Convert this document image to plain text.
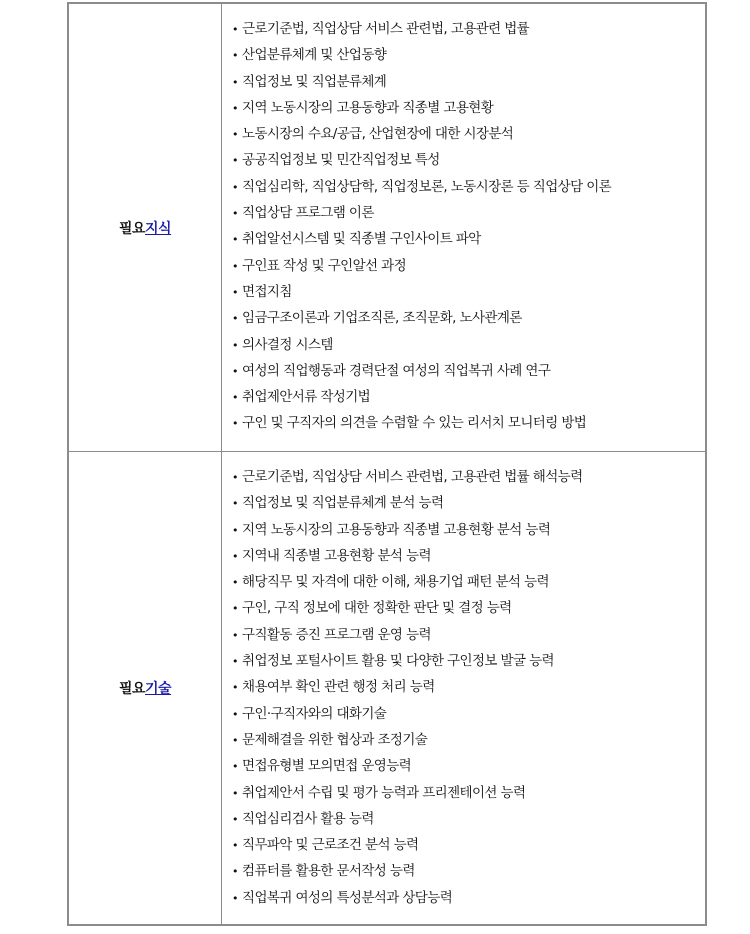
필요지식
• 근로기준법, 직업상담 서비스 관련법, 고용관련 법률
• 산업분류체계 및 산업동향
• 직업정보 및 직업분류체계
• 지역 노동시장의 고용동향과 직종별 고용현황
• 노동시장의 수요/공급, 산업현장에 대한 시장분석
• 공공직업정보 및 민간직업정보 특성
• 직업심리학, 직업상담학, 직업정보론, 노동시장론 등 직업상담 이론
• 직업상담 프로그램 이론
• 취업알선시스템 및 직종별 구인사이트 파악
• 구인표 작성 및 구인알선 과정
• 면접지침
• 임금구조이론과 기업조직론, 조직문화, 노사관계론
• 의사결정 시스템
• 여성의 직업행동과 경력단절 여성의 직업복귀 사례 연구
• 취업제안서류 작성기법
• 구인 및 구직자의 의견을 수렴할 수 있는 리서치 모니터링 방법
필요기술
• 근로기준법, 직업상담 서비스 관련법, 고용관련 법률 해석능력
• 직업정보 및 직업분류체계 분석 능력
• 지역 노동시장의 고용동향과 직종별 고용현황 분석 능력
• 지역내 직종별 고용현황 분석 능력
• 해당직무 및 자격에 대한 이해, 채용기업 패턴 분석 능력
• 구인, 구직 정보에 대한 정확한 판단 및 결정 능력
• 구직활동 증진 프로그램 운영 능력
• 취업정보 포털사이트 활용 및 다양한 구인정보 발굴 능력
• 채용여부 확인 관련 행정 처리 능력
• 구인·구직자와의 대화기술
• 문제해결을 위한 협상과 조정기술
• 면접유형별 모의면접 운영능력
• 취업제안서 수립 및 평가 능력과 프리젠테이션 능력
• 직업심리검사 활용 능력
• 직무파악 및 근로조건 분석 능력
• 컴퓨터를 활용한 문서작성 능력
• 직업복귀 여성의 특성분석과 상담능력
